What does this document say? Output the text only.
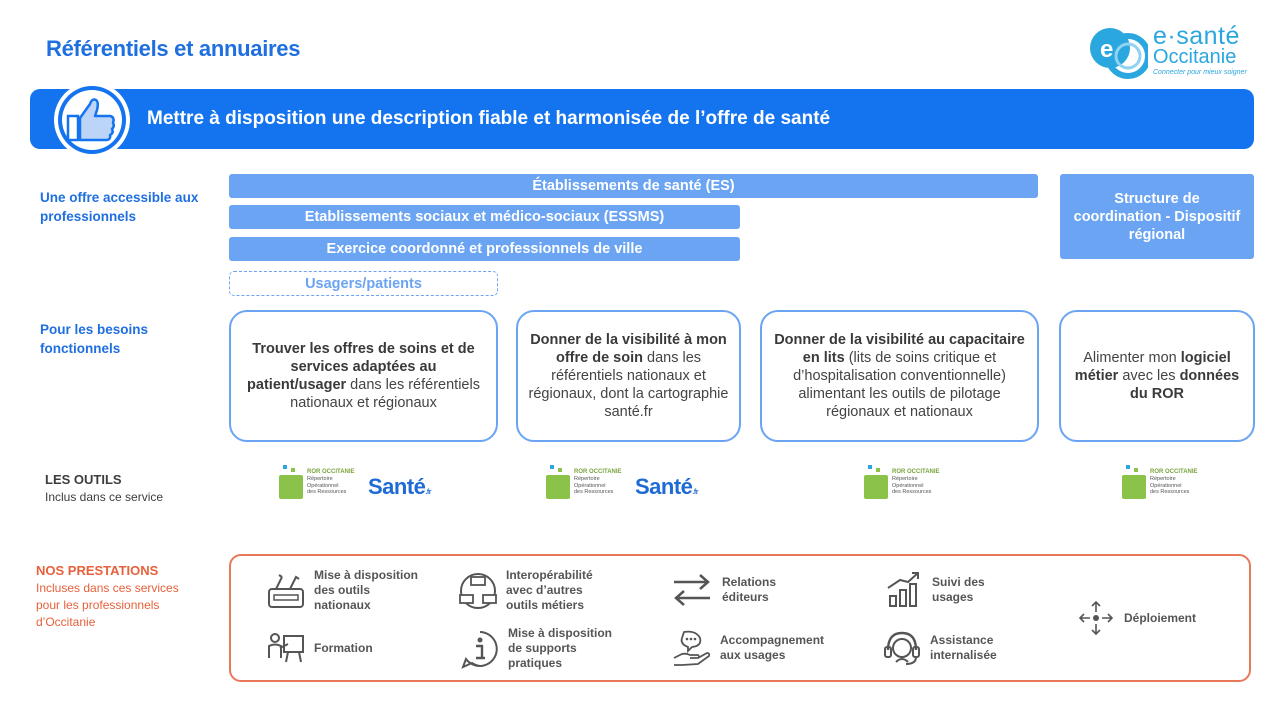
Référentiels et annuaires	e e·santé
Occitanie
Connecter pour mieux soigner
Mettre à disposition une description fiable et harmonisée de l’offre de santé
Une offre accessible aux professionnels
Pour les besoins fonctionnels
Établissements de santé (ES)
Etablissements sociaux et médico-sociaux (ESSMS)
Exercice coordonné et professionnels de ville
Usagers/patients
Structure de coordination - Dispositif régional
Trouver les offres de soins et de services adaptées au patient/usager dans les référentiels nationaux et régionaux
Donner de la visibilité à mon offre de soin dans les référentiels nationaux et régionaux, dont la cartographie santé.fr
Donner de la visibilité au capacitaire en lits (lits de soins critique et d’hospitalisation conventionnelle) alimentant les outils de pilotage régionaux et nationaux
Alimenter mon logiciel métier avec les données du ROR
LES OUTILS
Inclus dans ce service
ROR OCCITANIE
Répertoire
Opérationnel
des Ressources Santé.fr
ROR OCCITANIE
Répertoire
Opérationnel
des Ressources Santé.fr
ROR OCCITANIE
Répertoire
Opérationnel
des Ressources
ROR OCCITANIE
Répertoire
Opérationnel
des Ressources
NOS PRESTATIONS
Incluses dans ces services pour les professionnels d’Occitanie
Mise à disposition des outils nationaux
Interopérabilité avec d’autres outils métiers
Relations éditeurs
Suivi des usages
Déploiement
Formation
Mise à disposition de supports pratiques
Accompagnement aux usages
Assistance internalisée
